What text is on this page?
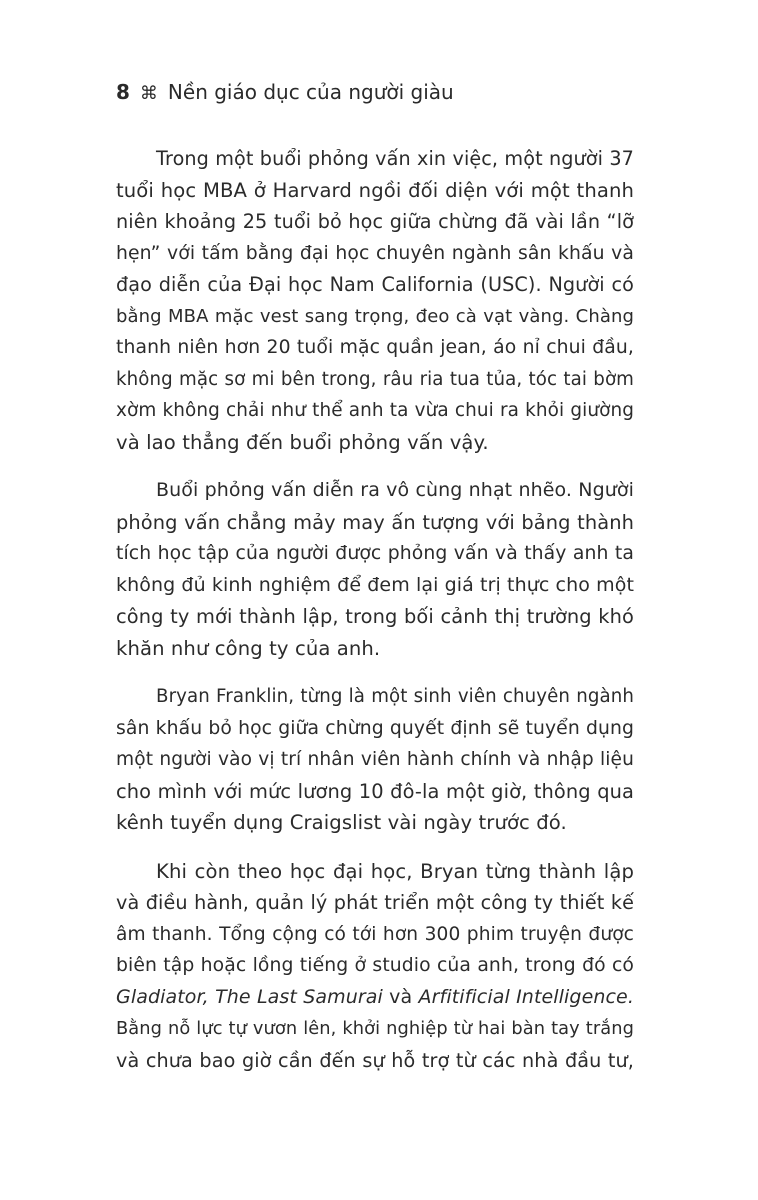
8 ⌘ Nền giáo dục của người giàu
Trong một buổi phỏng vấn xin việc, một người 37
tuổi học MBA ở Harvard ngồi đối diện với một thanh
niên khoảng 25 tuổi bỏ học giữa chừng đã vài lần “lỡ
hẹn” với tấm bằng đại học chuyên ngành sân khấu và
đạo diễn của Đại học Nam California (USC). Người có
bằng MBA mặc vest sang trọng, đeo cà vạt vàng. Chàng
thanh niên hơn 20 tuổi mặc quần jean, áo nỉ chui đầu,
không mặc sơ mi bên trong, râu ria tua tủa, tóc tai bờm
xờm không chải như thể anh ta vừa chui ra khỏi giường
và lao thẳng đến buổi phỏng vấn vậy.
Buổi phỏng vấn diễn ra vô cùng nhạt nhẽo. Người
phỏng vấn chẳng mảy may ấn tượng với bảng thành
tích học tập của người được phỏng vấn và thấy anh ta
không đủ kinh nghiệm để đem lại giá trị thực cho một
công ty mới thành lập, trong bối cảnh thị trường khó
khăn như công ty của anh.
Bryan Franklin, từng là một sinh viên chuyên ngành
sân khấu bỏ học giữa chừng quyết định sẽ tuyển dụng
một người vào vị trí nhân viên hành chính và nhập liệu
cho mình với mức lương 10 đô-la một giờ, thông qua
kênh tuyển dụng Craigslist vài ngày trước đó.
Khi còn theo học đại học, Bryan từng thành lập
và điều hành, quản lý phát triển một công ty thiết kế
âm thanh. Tổng cộng có tới hơn 300 phim truyện được
biên tập hoặc lồng tiếng ở studio của anh, trong đó có
Gladiator, The Last Samurai và Arfitificial Intelligence.
Bằng nỗ lực tự vươn lên, khởi nghiệp từ hai bàn tay trắng
và chưa bao giờ cần đến sự hỗ trợ từ các nhà đầu tư,
